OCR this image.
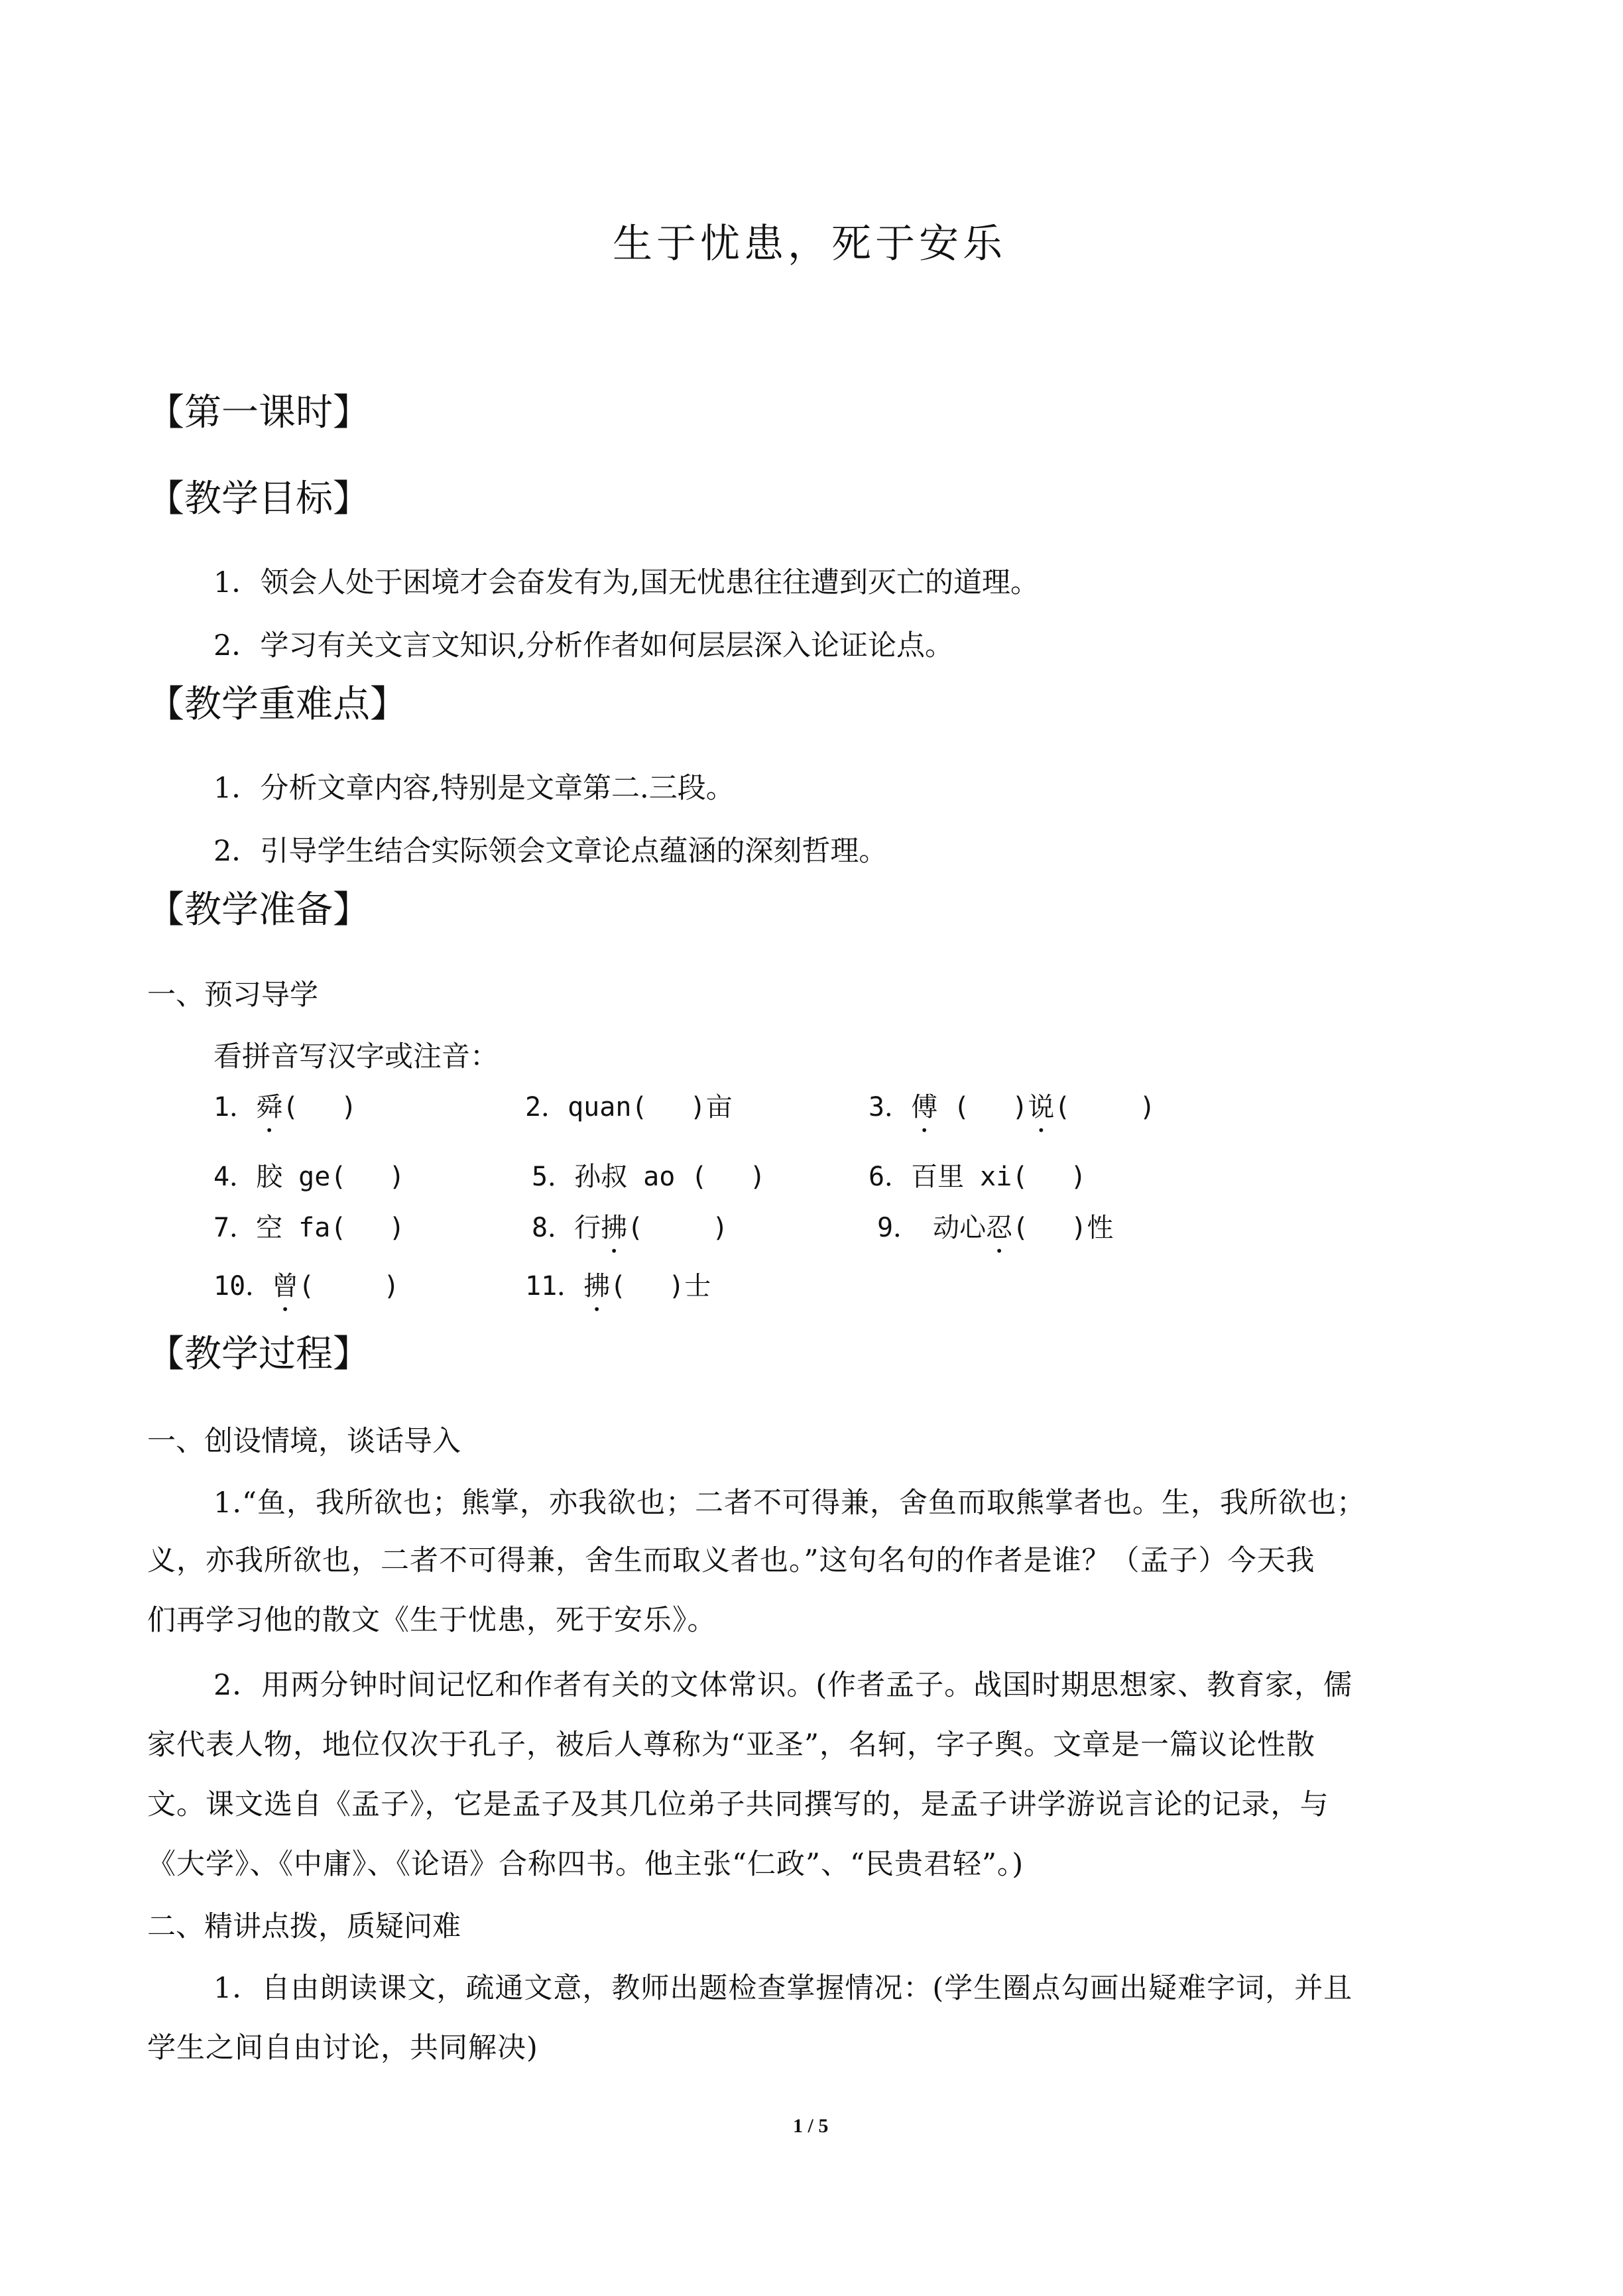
生于忧患，死于安乐
【第一课时】
【教学目标】
1．领会人处于困境才会奋发有为,国无忧患往往遭到灭亡的道理。
2．学习有关文言文知识,分析作者如何层层深入论证论点。
【教学重难点】
1．分析文章内容,特别是文章第二.三段。
2．引导学生结合实际领会文章论点蕴涵的深刻哲理。
【教学准备】
一、预习导学
看拼音写汉字或注音：
1．舜(　 )	2．quan(　 )亩	3．傅 (　 )说(　 　)
4．胶 ge(　 )	5．孙叔 ao (　 )	6．百里 xi(　 )
7．空 fa(　 )	8．行拂(　 　)	9．　动心忍(　 )性
10．曾(　 　)	11．拂(　 )士
【教学过程】
一、创设情境，谈话导入
1.“鱼，我所欲也；熊掌，亦我欲也；二者不可得兼，舍鱼而取熊掌者也。生，我所欲也；
义，亦我所欲也，二者不可得兼，舍生而取义者也。”这句名句的作者是谁？（孟子）今天我
们再学习他的散文《生于忧患，死于安乐》。
2．用两分钟时间记忆和作者有关的文体常识。(作者孟子。战国时期思想家、教育家，儒
家代表人物，地位仅次于孔子，被后人尊称为“亚圣”，名轲，字子舆。文章是一篇议论性散
文。课文选自《孟子》，它是孟子及其几位弟子共同撰写的，是孟子讲学游说言论的记录，与
《大学》、《中庸》、《论语》合称四书。他主张“仁政”、“民贵君轻”。)
二、精讲点拨，质疑问难
1．自由朗读课文，疏通文意，教师出题检查掌握情况：(学生圈点勾画出疑难字词，并且
学生之间自由讨论，共同解决)
1 / 5
